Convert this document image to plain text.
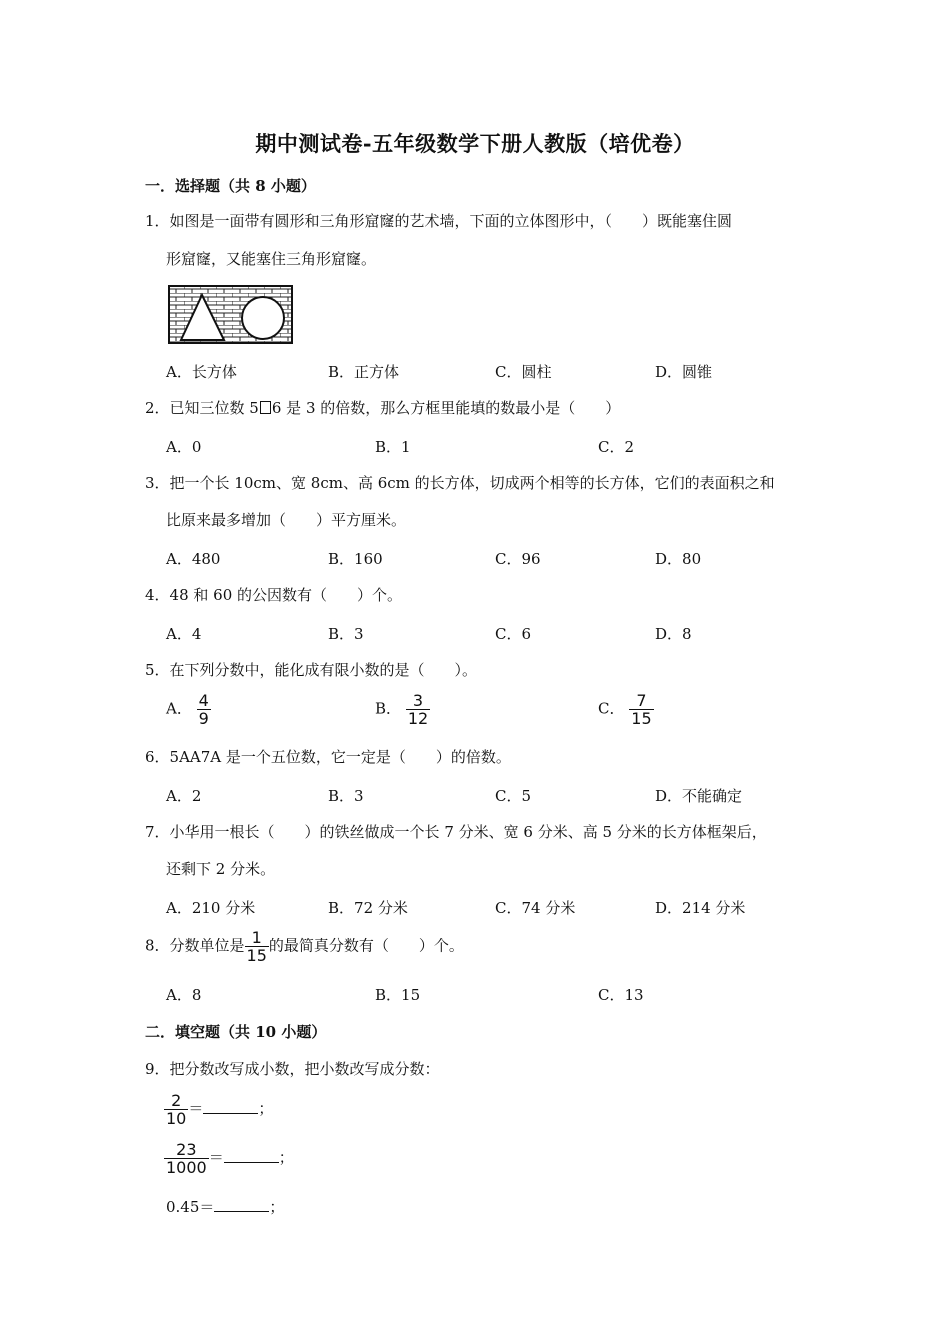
期中测试卷-五年级数学下册人教版（培优卷）
一．选择题（共 8 小题）
1．如图是一面带有圆形和三角形窟窿的艺术墙，下面的立体图形中，（　　）既能塞住圆
形窟窿，又能塞住三角形窟窿。
A．长方体	B．正方体	C．圆柱	D．圆锥
2．已知三位数 5 6 是 3 的倍数，那么方框里能填的数最小是（　　）
A．0	B．1	C．2
3．把一个长 10cm、宽 8cm、高 6cm 的长方体，切成两个相等的长方体，它们的表面积之和
比原来最多增加（　　）平方厘米。
A．480	B．160	C．96	D．80
4．48 和 60 的公因数有（　　）个。
A．4	B．3	C．6	D．8
5．在下列分数中，能化成有限小数的是（　　）。
A． $\frac{4}{9}$	B． $\frac{3}{12}$	C． $\frac{7}{15}$
6．5AA7A 是一个五位数，它一定是（　　）的倍数。
A．2	B．3	C．5	D．不能确定
7．小华用一根长（　　）的铁丝做成一个长 7 分米、宽 6 分米、高 5 分米的长方体框架后，
还剩下 2 分米。
A．210 分米	B．72 分米	C．74 分米	D．214 分米
8．分数单位是 $\frac{1}{15}$ 的最简真分数有（　　）个。
A．8	B．15	C．13
二．填空题（共 10 小题）
9．把分数改写成小数，把小数改写成分数：
$\frac{2}{10}$ ＝	；
$\frac{23}{1000}$ ＝	；
0.45＝	；
